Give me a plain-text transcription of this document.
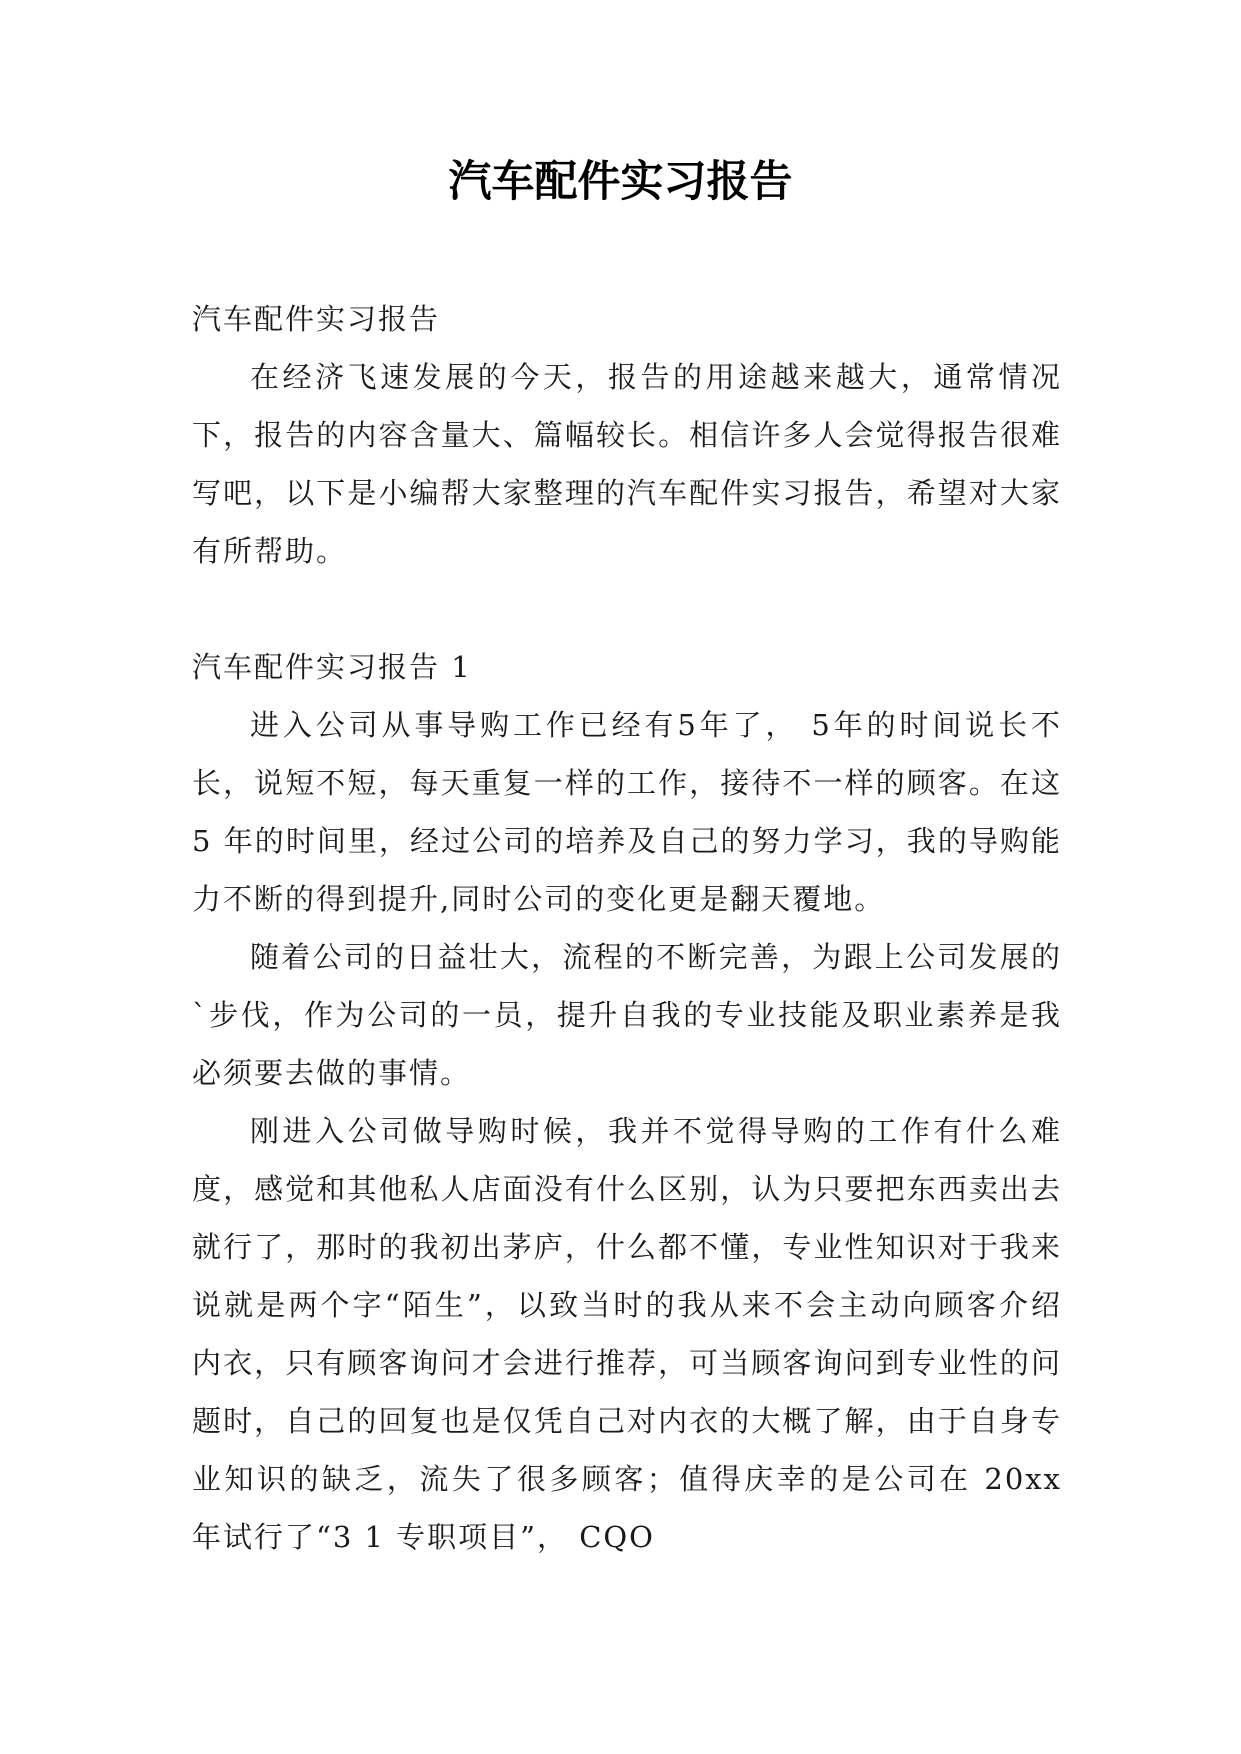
汽车配件实习报告

汽车配件实习报告

在经济飞速发展的今天，报告的用途越来越大，通常情况下，报告的内容含量大、篇幅较长。相信许多人会觉得报告很难写吧，以下是小编帮大家整理的汽车配件实习报告，希望对大家有所帮助。

汽车配件实习报告 1

进入公司从事导购工作已经有5年了， 5年的时间说长不长，说短不短，每天重复一样的工作，接待不一样的顾客。在这 5 年的时间里，经过公司的培养及自己的努力学习，我的导购能力不断的得到提升,同时公司的变化更是翻天覆地。

随着公司的日益壮大，流程的不断完善，为跟上公司发展的`步伐，作为公司的一员，提升自我的专业技能及职业素养是我必须要去做的事情。

刚进入公司做导购时候，我并不觉得导购的工作有什么难度，感觉和其他私人店面没有什么区别，认为只要把东西卖出去就行了，那时的我初出茅庐，什么都不懂，专业性知识对于我来说就是两个字“陌生”，以致当时的我从来不会主动向顾客介绍内衣，只有顾客询问才会进行推荐，可当顾客询问到专业性的问题时，自己的回复也是仅凭自己对内衣的大概了解，由于自身专业知识的缺乏，流失了很多顾客；值得庆幸的是公司在 20xx 年试行了“3 1 专职项目”， CQO
